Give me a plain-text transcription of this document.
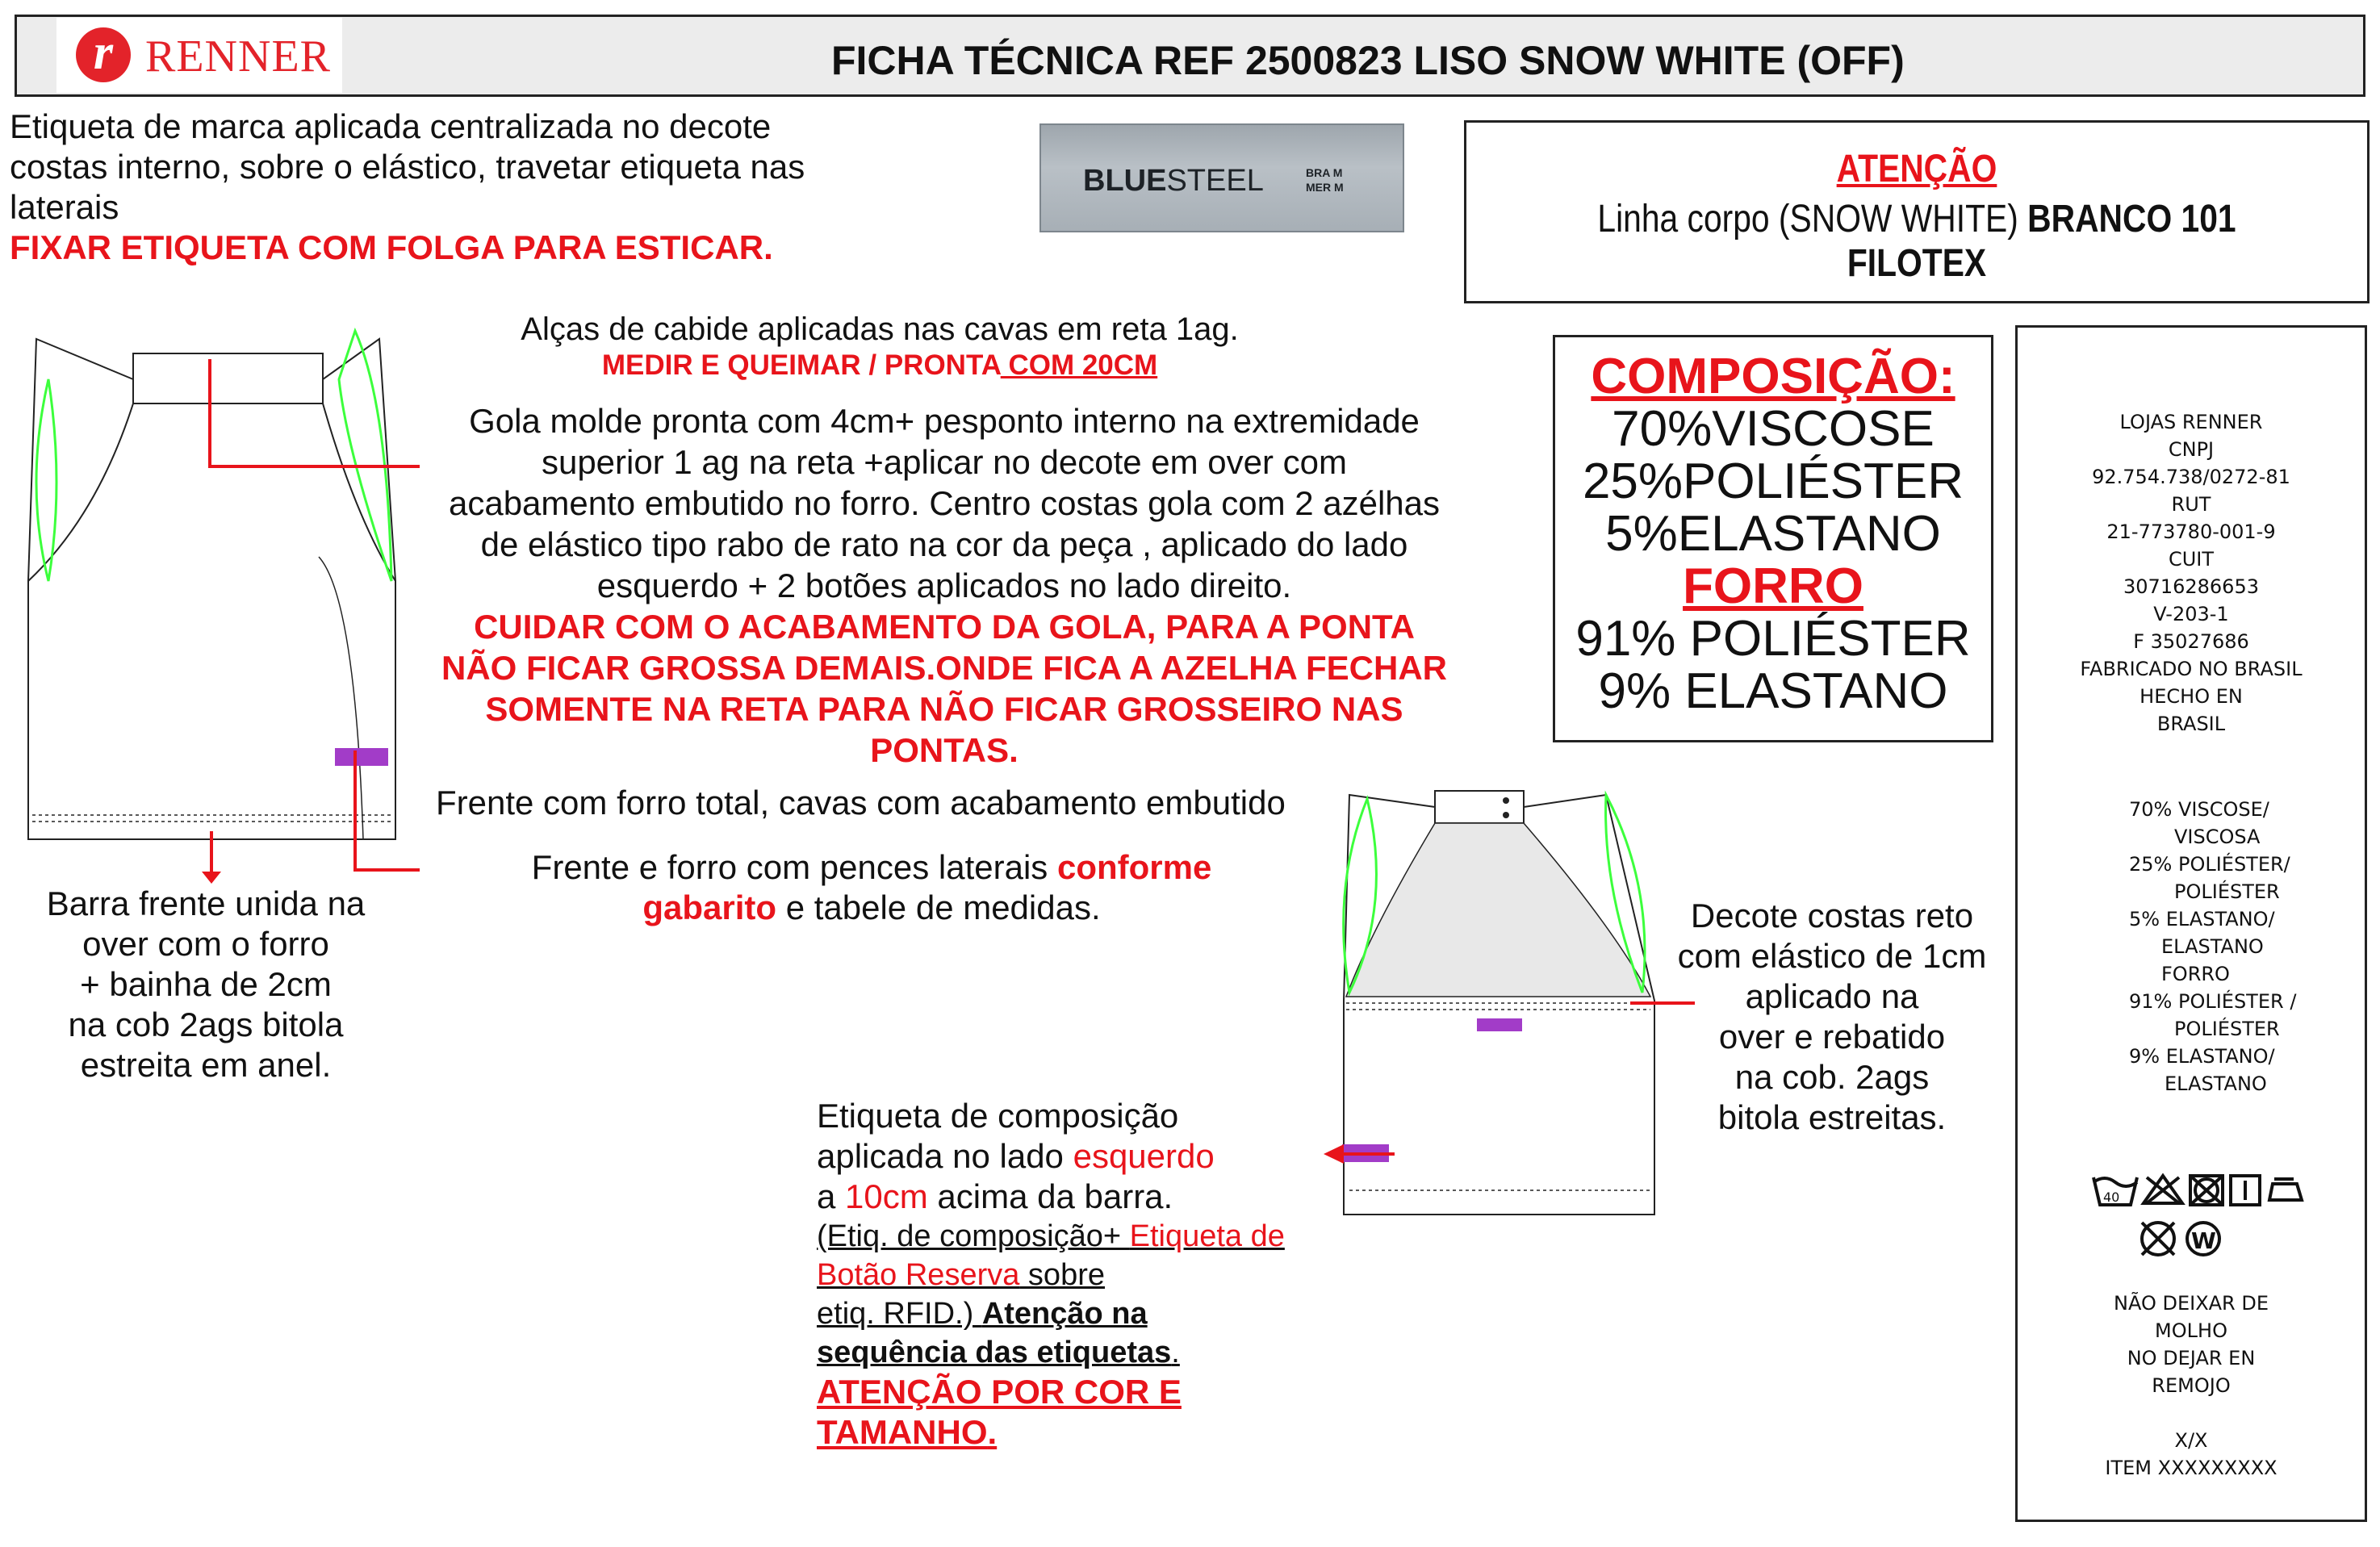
r RENNER	FICHA TÉCNICA REF 2500823 LISO SNOW WHITE (OFF)
Etiqueta de marca aplicada centralizada no decote
costas interno, sobre o elástico, travetar etiqueta nas
laterais
FIXAR ETIQUETA COM FOLGA PARA ESTICAR.
BLUESTEEL	BRA M
MER M	ATENÇÃO
Linha corpo (SNOW WHITE) BRANCO 101 FILOTEX
Alças de cabide aplicadas nas cavas em reta 1ag.
MEDIR E QUEIMAR / PRONTA COM 20CM
Gola molde pronta com 4cm+ pesponto interno na extremidade
superior 1 ag na reta +aplicar no decote em over com
acabamento embutido no forro. Centro costas gola com 2 azélhas
de elástico tipo rabo de rato na cor da peça , aplicado do lado
esquerdo + 2 botões aplicados no lado direito.
CUIDAR COM O ACABAMENTO DA GOLA, PARA A PONTA
NÃO FICAR GROSSA DEMAIS.ONDE FICA A AZELHA FECHAR
SOMENTE NA RETA PARA NÃO FICAR GROSSEIRO NAS
PONTAS.
Frente com forro total, cavas com acabamento embutido
Frente e forro com pences laterais conforme
gabarito e tabele de medidas.
Barra frente unida na
over com o forro
+ bainha de 2cm
na cob 2ags bitola
estreita em anel.
COMPOSIÇÃO:
70%VISCOSE
25%POLIÉSTER
5%ELASTANO
FORRO
91% POLIÉSTER
9% ELASTANO
Decote costas reto
com elástico de 1cm
aplicado na
over e rebatido
na cob. 2ags
bitola estreitas.
Etiqueta de composição
aplicada no lado esquerdo
a 10cm acima da barra.
(Etiq. de composição+ Etiqueta de
Botão Reserva sobre
etiq. RFID.) Atenção na
sequência das etiquetas.
ATENÇÃO POR COR E
TAMANHO.
LOJAS RENNER
CNPJ
92.754.738/0272-81
RUT
21-773780-001-9
CUIT
30716286653
V-203-1
F 35027686
FABRICADO NO BRASIL
HECHO EN
BRASIL
70% VISCOSE/
VISCOSA
25% POLIÉSTER/
POLIÉSTER
5% ELASTANO/
ELASTANO
FORRO
91% POLIÉSTER /
POLIÉSTER
9% ELASTANO/
ELASTANO
40
W
NÃO DEIXAR DE
MOLHO
NO DEJAR EN
REMOJO
X/X
ITEM XXXXXXXXX
